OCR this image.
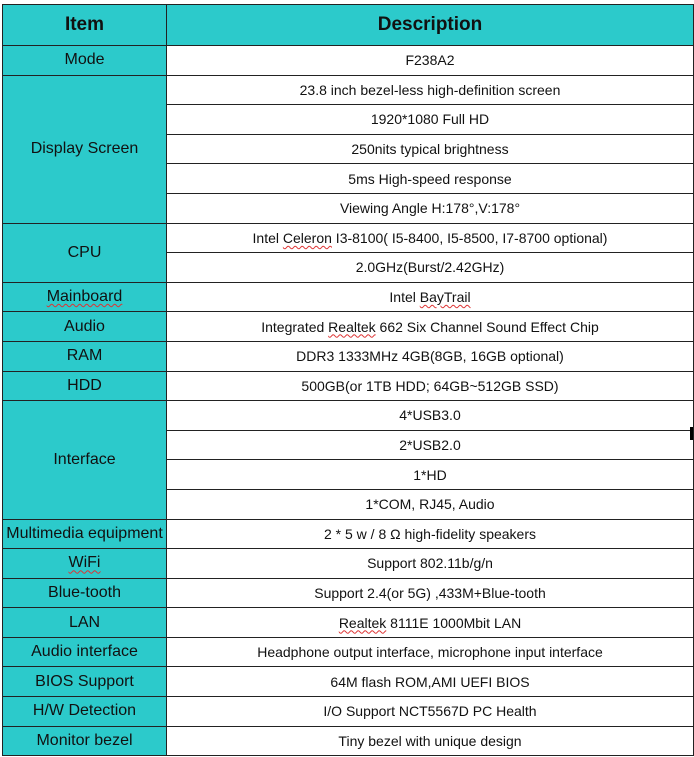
Item	Description
Mode	F238A2
Display Screen	23.8 inch bezel-less high-definition screen
	1920*1080 Full HD
	250nits typical brightness
	5ms High-speed response
	Viewing Angle H:178°,V:178°
CPU	Intel Celeron I3-8100( I5-8400, I5-8500, I7-8700 optional)
	2.0GHz(Burst/2.42GHz)
Mainboard	Intel BayTrail
Audio	Integrated Realtek 662 Six Channel Sound Effect Chip
RAM	DDR3 1333MHz 4GB(8GB, 16GB optional)
HDD	500GB(or 1TB HDD; 64GB~512GB SSD)
Interface	4*USB3.0
	2*USB2.0
	1*HD
	1*COM, RJ45, Audio
Multimedia equipment	2 * 5 w / 8 Ω high-fidelity speakers
WiFi	Support 802.11b/g/n
Blue-tooth	Support 2.4(or 5G) ,433M+Blue-tooth
LAN	Realtek 8111E 1000Mbit LAN
Audio interface	Headphone output interface, microphone input interface
BIOS Support	64M flash ROM,AMI UEFI BIOS
H/W Detection	I/O Support NCT5567D PC Health
Monitor bezel	Tiny bezel with unique design
